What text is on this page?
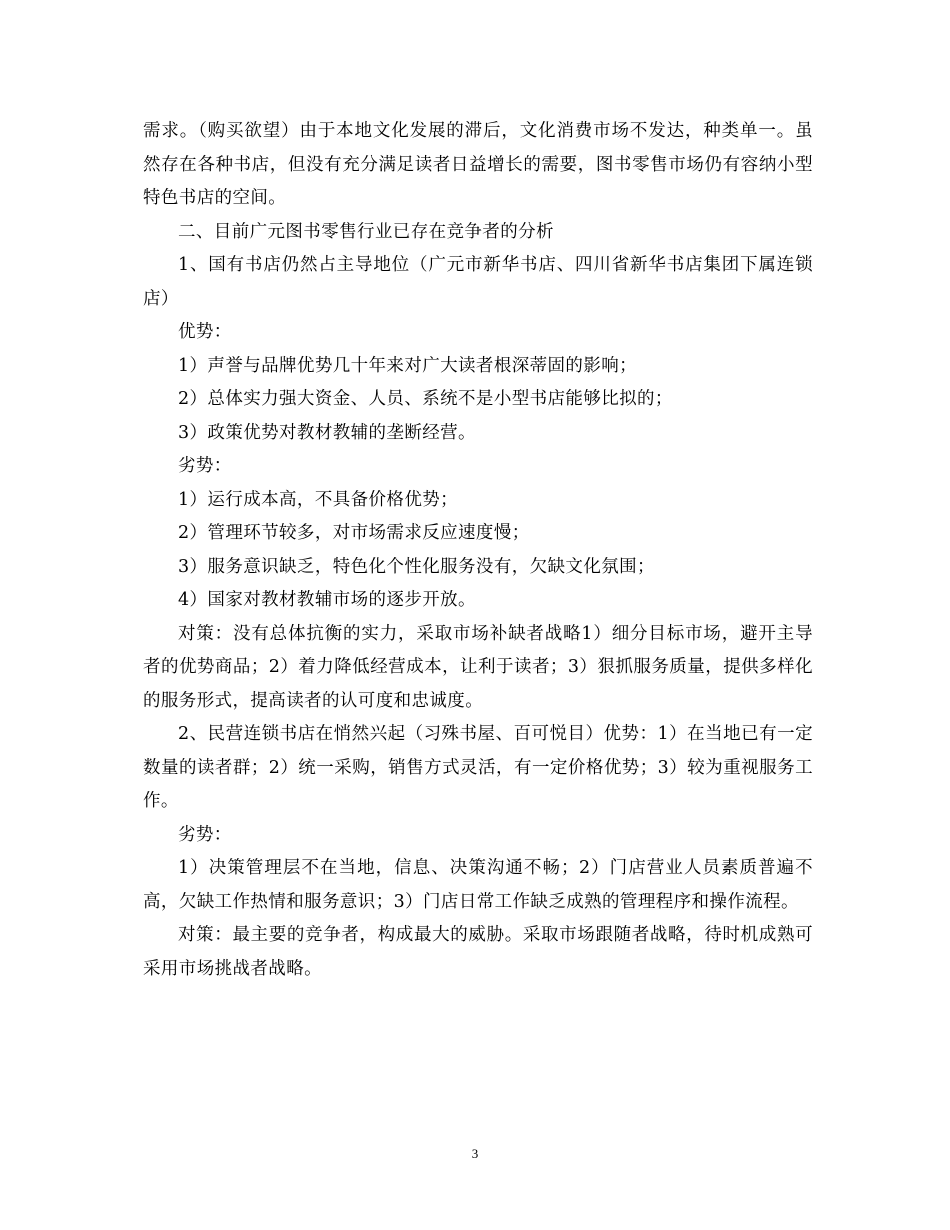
需求。（购买欲望）由于本地文化发展的滞后，文化消费市场不发达，种类单一。虽然存在各种书店，但没有充分满足读者日益增长的需要，图书零售市场仍有容纳小型特色书店的空间。

二、目前广元图书零售行业已存在竞争者的分析

1、国有书店仍然占主导地位（广元市新华书店、四川省新华书店集团下属连锁店）

优势：

1）声誉与品牌优势几十年来对广大读者根深蒂固的影响；

2）总体实力强大资金、人员、系统不是小型书店能够比拟的；

3）政策优势对教材教辅的垄断经营。

劣势：

1）运行成本高，不具备价格优势；

2）管理环节较多，对市场需求反应速度慢；

3）服务意识缺乏，特色化个性化服务没有，欠缺文化氛围；

4）国家对教材教辅市场的逐步开放。

对策：没有总体抗衡的实力，采取市场补缺者战略1）细分目标市场，避开主导者的优势商品；2）着力降低经营成本，让利于读者；3）狠抓服务质量，提供多样化的服务形式，提高读者的认可度和忠诚度。

2、民营连锁书店在悄然兴起（习殊书屋、百可悦目）优势：1）在当地已有一定数量的读者群；2）统一采购，销售方式灵活，有一定价格优势；3）较为重视服务工作。

劣势：

1）决策管理层不在当地，信息、决策沟通不畅；2）门店营业人员素质普遍不高，欠缺工作热情和服务意识；3）门店日常工作缺乏成熟的管理程序和操作流程。

对策：最主要的竞争者，构成最大的威胁。采取市场跟随者战略，待时机成熟可采用市场挑战者战略。

3
